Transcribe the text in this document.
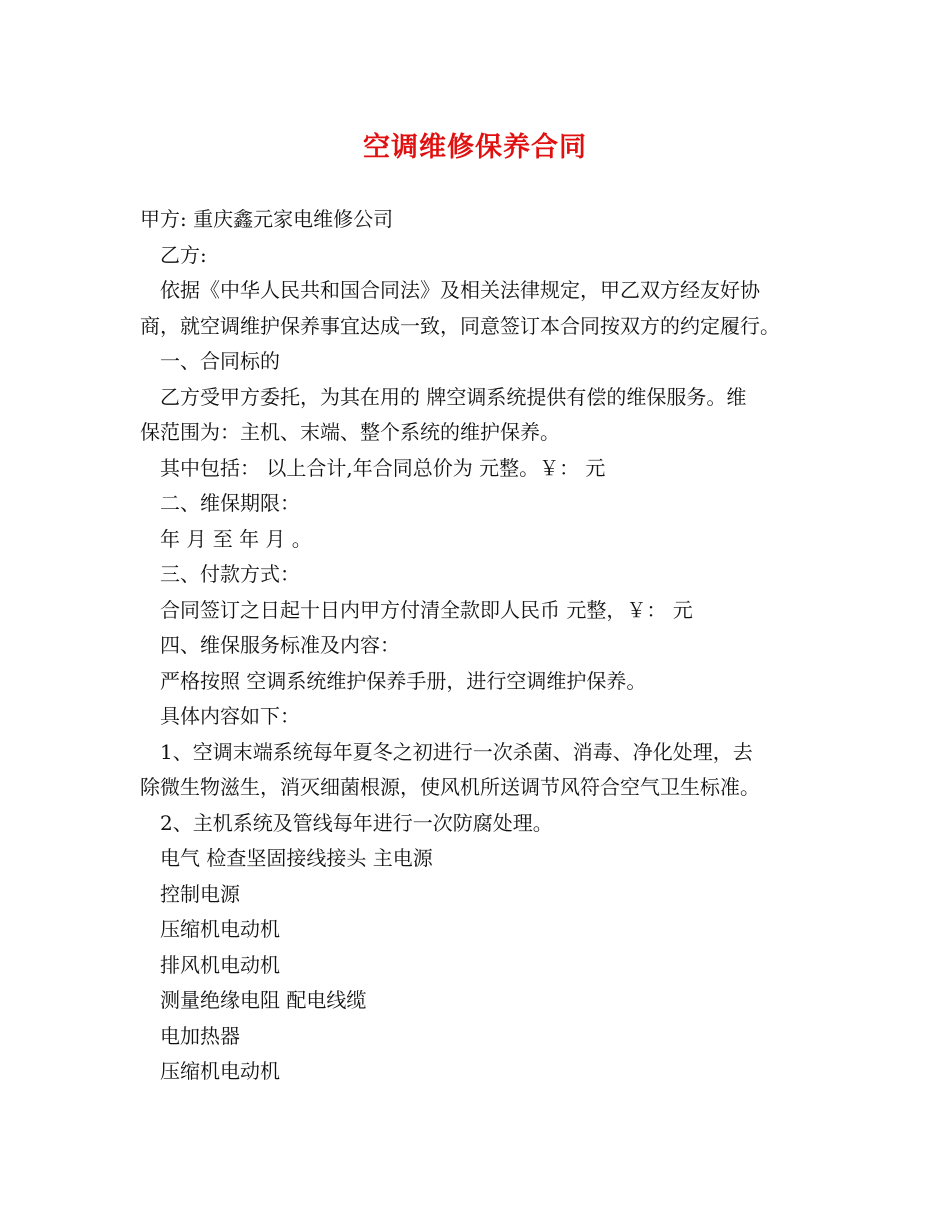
空调维修保养合同

甲方: 重庆鑫元家电维修公司

乙方:

依据《中华人民共和国合同法》及相关法律规定，甲乙双方经友好协

商，就空调维护保养事宜达成一致，同意签订本合同按双方的约定履行。

一、合同标的

乙方受甲方委托，为其在用的 牌空调系统提供有偿的维保服务。维

保范围为：主机、末端、整个系统的维护保养。

其中包括： 以上合计,年合同总价为 元整。￥： 元

二、维保期限：

年 月 至 年 月 。

三、付款方式：

合同签订之日起十日内甲方付清全款即人民币 元整，￥： 元

四、维保服务标准及内容：

严格按照 空调系统维护保养手册，进行空调维护保养。

具体内容如下：

1、空调末端系统每年夏冬之初进行一次杀菌、消毒、净化处理，去

除微生物滋生，消灭细菌根源，使风机所送调节风符合空气卫生标准。

2、主机系统及管线每年进行一次防腐处理。

电气 检查坚固接线接头 主电源

控制电源

压缩机电动机

排风机电动机

测量绝缘电阻 配电线缆

电加热器

压缩机电动机
